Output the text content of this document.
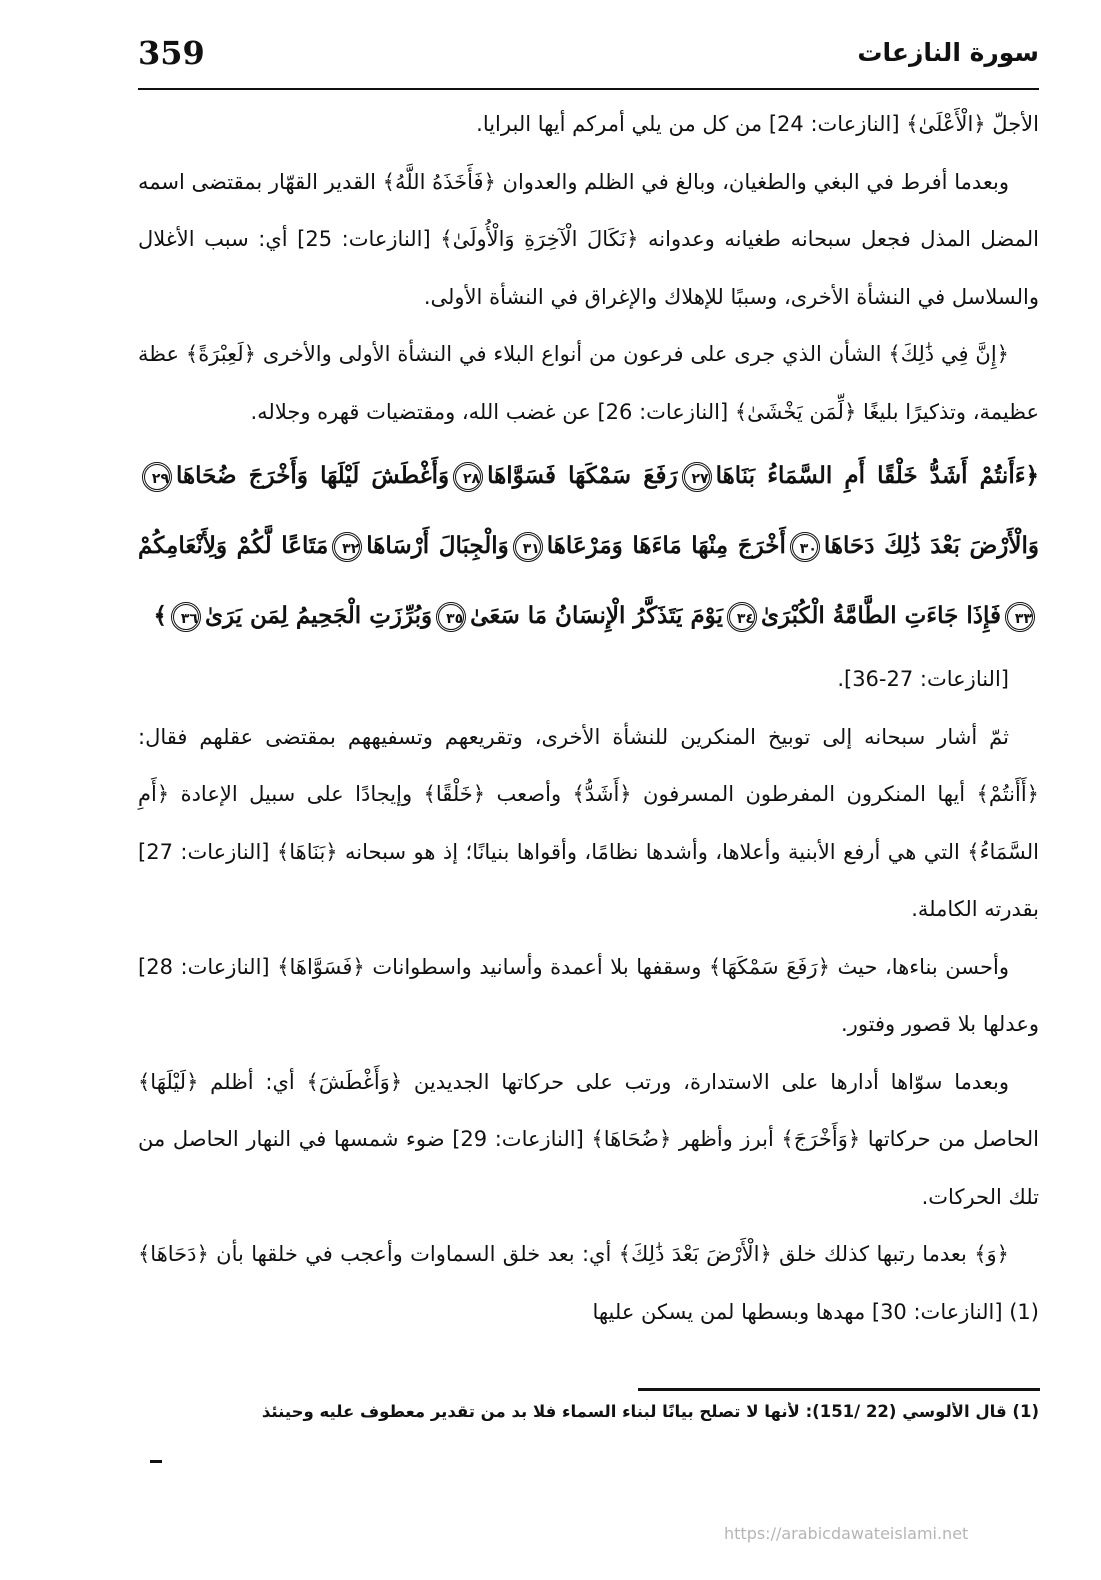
359	سورة النازعات

الأجلّ ﴿الْأَعْلَىٰ﴾ [النازعات: 24] من كل من يلي أمركم أيها البرايا.

وبعدما أفرط في البغي والطغيان، وبالغ في الظلم والعدوان ﴿فَأَخَذَهُ اللَّهُ﴾ القدير القهّار بمقتضى اسمه المضل المذل فجعل سبحانه طغيانه وعدوانه ﴿نَكَالَ الْآخِرَةِ وَالْأُولَىٰ﴾ [النازعات: 25] أي: سبب الأغلال والسلاسل في النشأة الأخرى، وسببًا للإهلاك والإغراق في النشأة الأولى.

﴿إِنَّ فِي ذَٰلِكَ﴾ الشأن الذي جرى على فرعون من أنواع البلاء في النشأة الأولى والأخرى ﴿لَعِبْرَةً﴾ عظة عظيمة، وتذكيرًا بليغًا ﴿لِّمَن يَخْشَىٰ﴾ [النازعات: 26] عن غضب الله، ومقتضيات قهره وجلاله.

﴿ءَأَنتُمْ أَشَدُّ خَلْقًا أَمِ السَّمَاءُ بَنَاهَا٢٧رَفَعَ سَمْكَهَا فَسَوَّاهَا٢٨وَأَغْطَشَ لَيْلَهَا وَأَخْرَجَ ضُحَاهَا٢٩وَالْأَرْضَ بَعْدَ ذَٰلِكَ دَحَاهَا٣٠أَخْرَجَ مِنْهَا مَاءَهَا وَمَرْعَاهَا٣١وَالْجِبَالَ أَرْسَاهَا٣٢مَتَاعًا لَّكُمْ وَلِأَنْعَامِكُمْ٣٣فَإِذَا جَاءَتِ الطَّامَّةُ الْكُبْرَىٰ٣٤يَوْمَ يَتَذَكَّرُ الْإِنسَانُ مَا سَعَىٰ٣٥وَبُرِّزَتِ الْجَحِيمُ لِمَن يَرَىٰ٣٦﴾

[النازعات: 27-36].

ثمّ أشار سبحانه إلى توبيخ المنكرين للنشأة الأخرى، وتقريعهم وتسفيههم بمقتضى عقلهم فقال: ﴿أَأَنتُمْ﴾ أيها المنكرون المفرطون المسرفون ﴿أَشَدُّ﴾ وأصعب ﴿خَلْقًا﴾ وإيجادًا على سبيل الإعادة ﴿أَمِ السَّمَاءُ﴾ التي هي أرفع الأبنية وأعلاها، وأشدها نظامًا، وأقواها بنيانًا؛ إذ هو سبحانه ﴿بَنَاهَا﴾ [النازعات: 27] بقدرته الكاملة.

وأحسن بناءها، حيث ﴿رَفَعَ سَمْكَهَا﴾ وسقفها بلا أعمدة وأسانيد واسطوانات ﴿فَسَوَّاهَا﴾ [النازعات: 28] وعدلها بلا قصور وفتور.

وبعدما سوّاها أدارها على الاستدارة، ورتب على حركاتها الجديدين ﴿وَأَغْطَشَ﴾ أي: أظلم ﴿لَيْلَهَا﴾ الحاصل من حركاتها ﴿وَأَخْرَجَ﴾ أبرز وأظهر ﴿ضُحَاهَا﴾ [النازعات: 29] ضوء شمسها في النهار الحاصل من تلك الحركات.

﴿وَ﴾ بعدما رتبها كذلك خلق ﴿الْأَرْضَ بَعْدَ ذَٰلِكَ﴾ أي: بعد خلق السماوات وأعجب في خلقها بأن ﴿دَحَاهَا﴾(1) [النازعات: 30] مهدها وبسطها لمن يسكن عليها

(1) قال الألوسي (22 /151): لأنها لا تصلح بيانًا لبناء السماء فلا بد من تقدير معطوف عليه وحينئذ
https://arabicdawateislami.net
